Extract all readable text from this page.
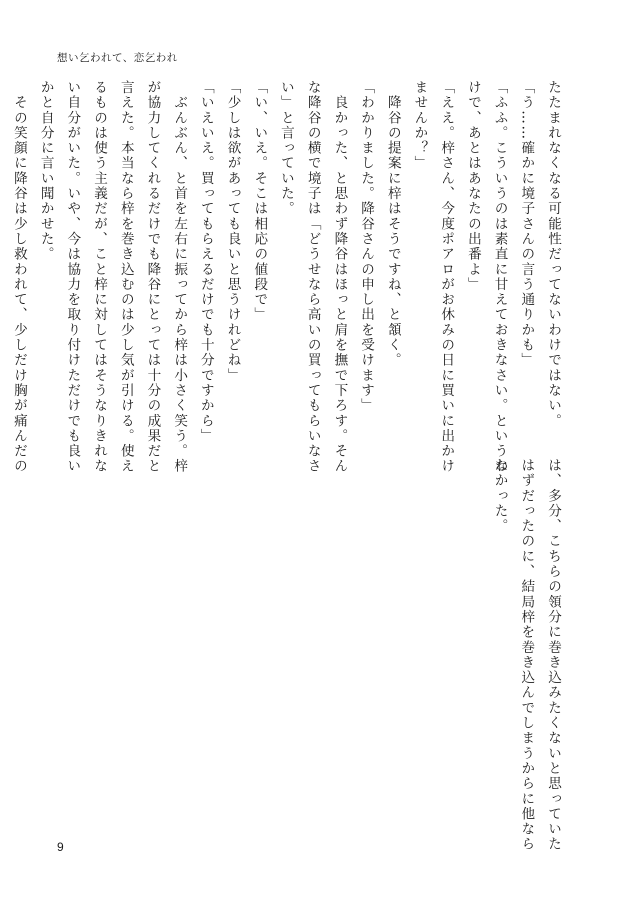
想い乞われて、恋乞われ
たたまれなくなる可能性だってないわけではない。
「う……確かに境子さんの言う通りかも」
「ふふ。こういうのは素直に甘えておきなさい。というわ
けで、あとはあなたの出番よ」
「ええ。梓さん、今度ポアロがお休みの日に買いに出かけ
ませんか？」
　降谷の提案に梓はそうですね、と頷く。
「わかりました。降谷さんの申し出を受けます」
　良かった、と思わず降谷はほっと肩を撫で下ろす。そん
な降谷の横で境子は「どうせなら高いの買ってもらいなさ
い」と言っていた。
「い、いえ。そこは相応の値段で」
「少しは欲があっても良いと思うけれどね」
「いえいえ。買ってもらえるだけでも十分ですから」
　ぶんぶん、と首を左右に振ってから梓は小さく笑う。梓
が協力してくれるだけでも降谷にとっては十分の成果だと
言えた。本当なら梓を巻き込むのは少し気が引ける。使え
るものは使う主義だが、こと梓に対してはそうなりきれな
い自分がいた。いや、今は協力を取り付けただけでも良い
かと自分に言い聞かせた。
　その笑顔に降谷は少し救われて、少しだけ胸が痛んだの
は、多分、こちらの領分に巻き込みたくないと思っていた
はずだったのに、結局梓を巻き込んでしまうからに他なら
なかった。
9
